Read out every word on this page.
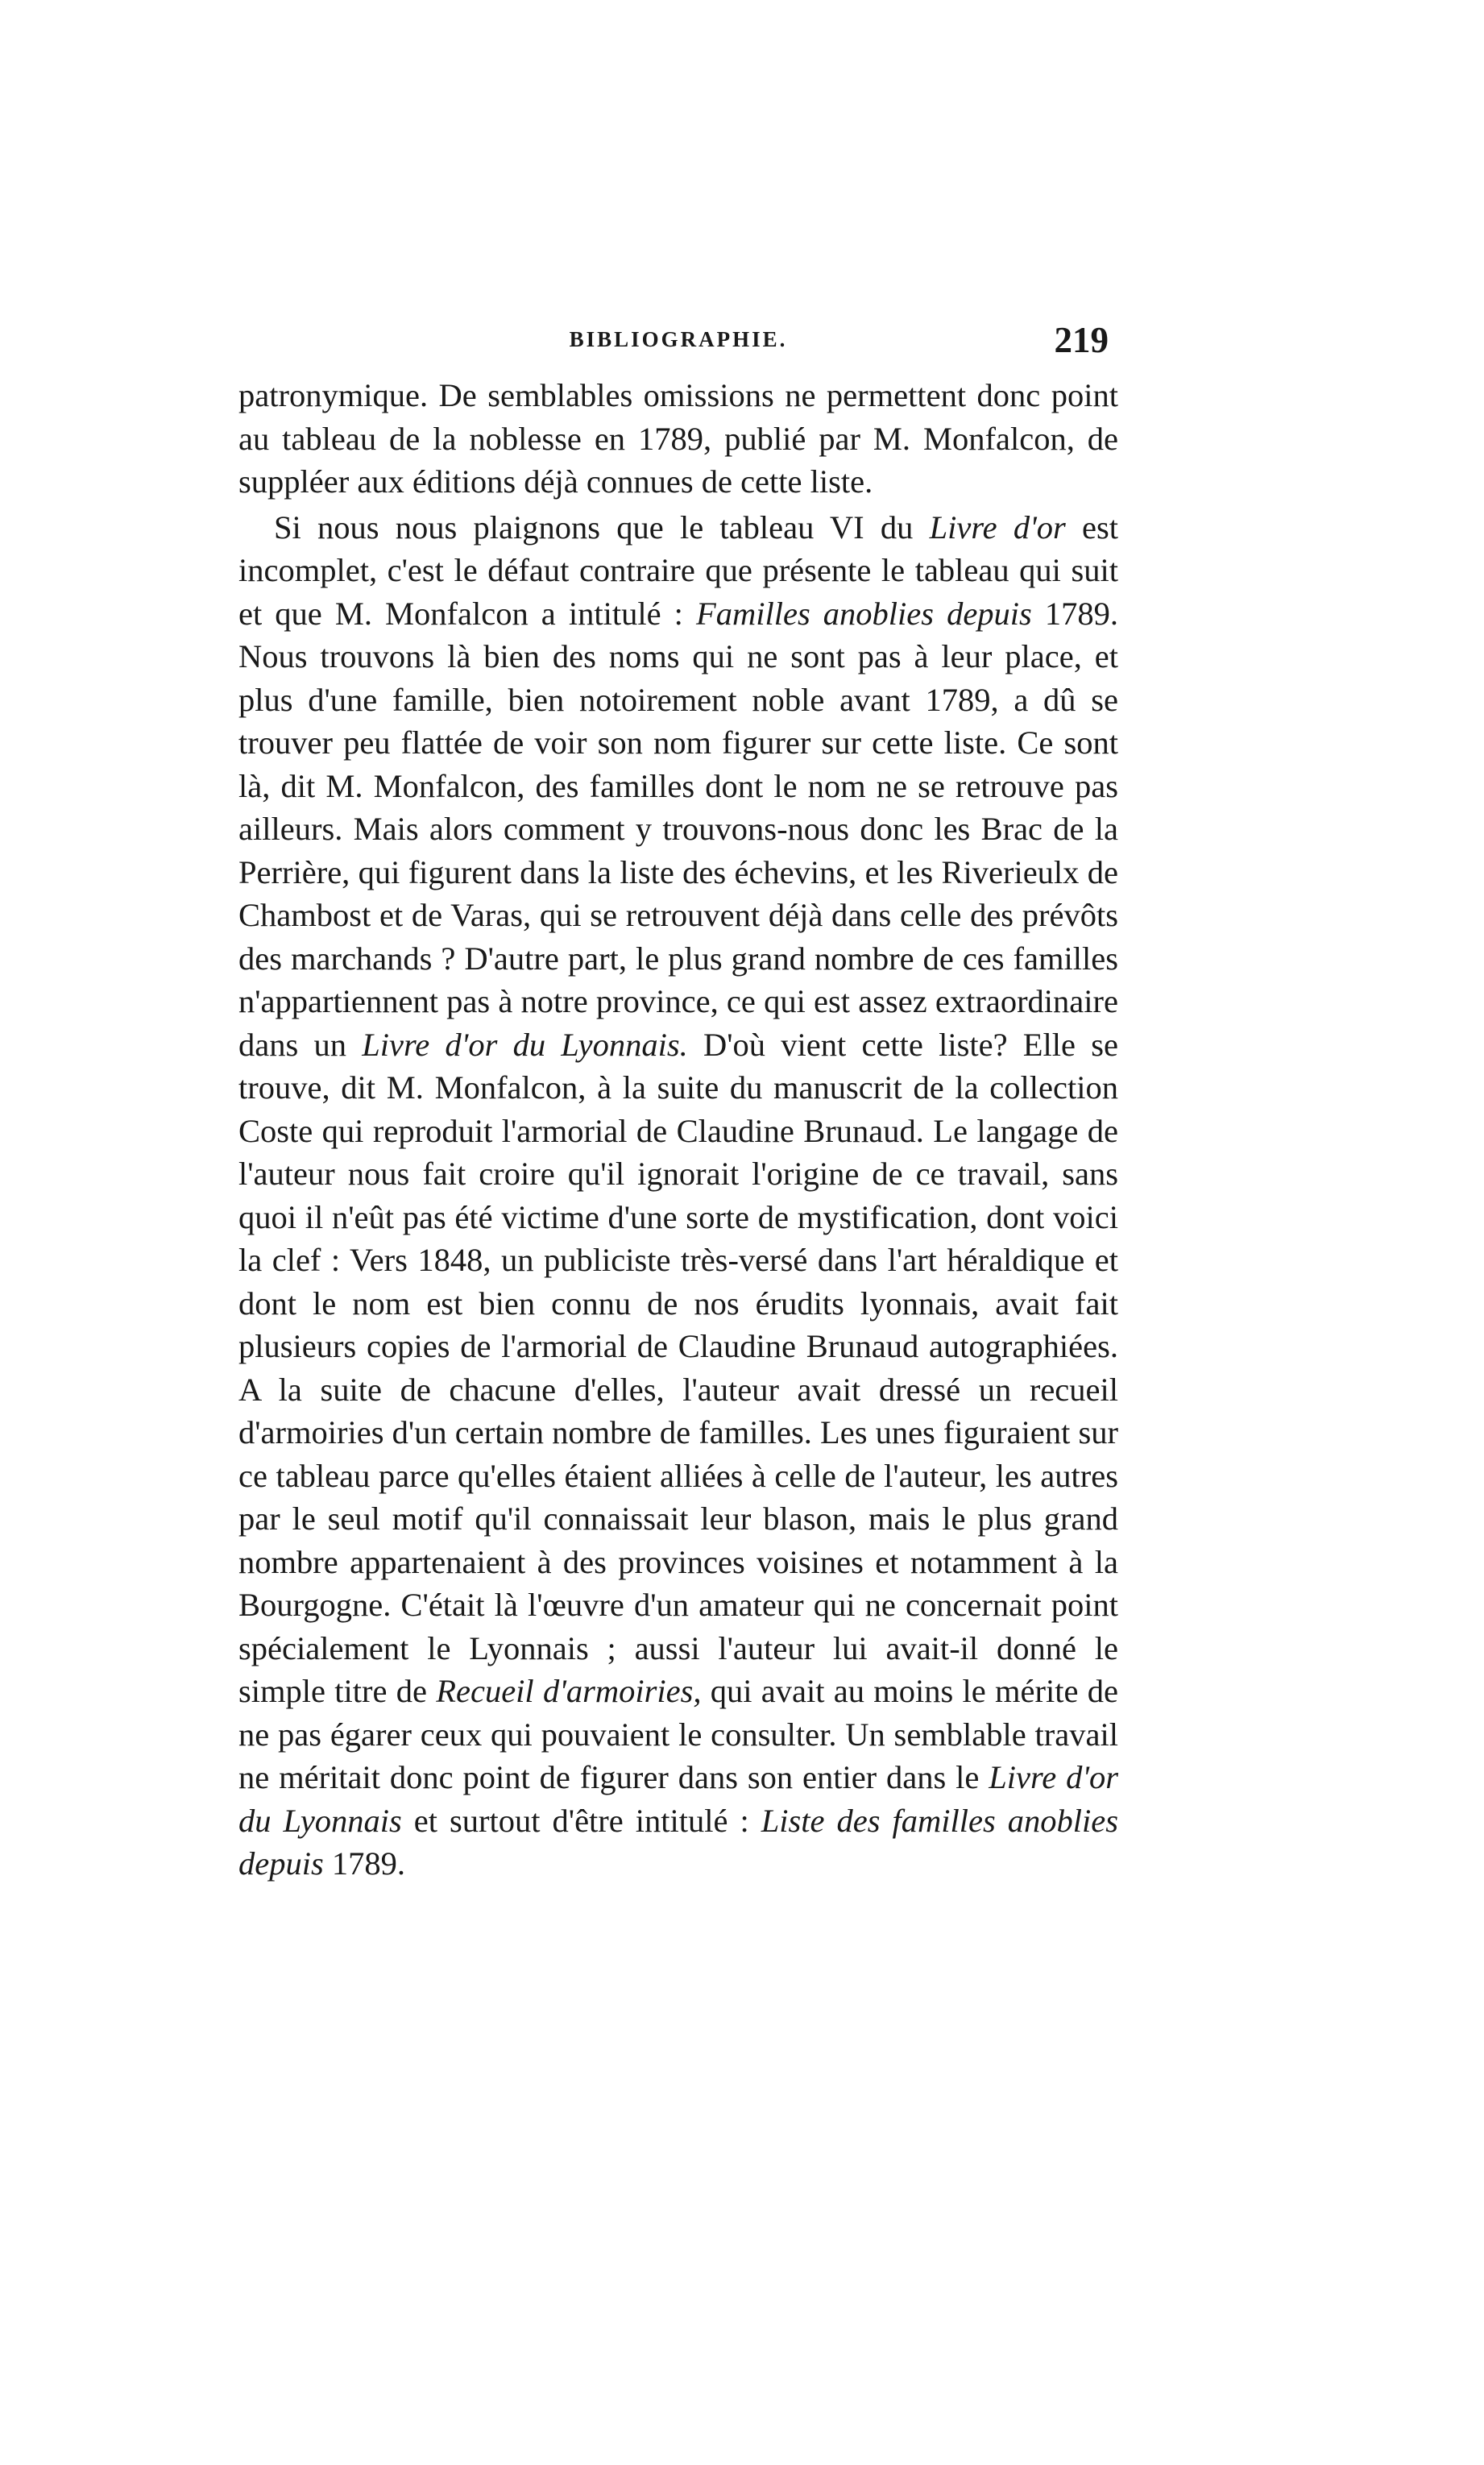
BIBLIOGRAPHIE.	219

patronymique. De semblables omissions ne permettent donc point au tableau de la noblesse en 1789, publié par M. Monfalcon, de suppléer aux éditions déjà connues de cette liste.

Si nous nous plaignons que le tableau VI du Livre d'or est incomplet, c'est le défaut contraire que présente le tableau qui suit et que M. Monfalcon a intitulé : Familles anoblies depuis 1789. Nous trouvons là bien des noms qui ne sont pas à leur place, et plus d'une famille, bien notoirement noble avant 1789, a dû se trouver peu flattée de voir son nom figurer sur cette liste. Ce sont là, dit M. Monfalcon, des familles dont le nom ne se retrouve pas ailleurs. Mais alors comment y trouvons-nous donc les Brac de la Perrière, qui figurent dans la liste des échevins, et les Riverieulx de Chambost et de Varas, qui se retrouvent déjà dans celle des prévôts des marchands ? D'autre part, le plus grand nombre de ces familles n'appartiennent pas à notre province, ce qui est assez extraordinaire dans un Livre d'or du Lyonnais. D'où vient cette liste? Elle se trouve, dit M. Monfalcon, à la suite du manuscrit de la collection Coste qui reproduit l'armorial de Claudine Brunaud. Le langage de l'auteur nous fait croire qu'il ignorait l'origine de ce travail, sans quoi il n'eût pas été victime d'une sorte de mystification, dont voici la clef : Vers 1848, un publiciste très-versé dans l'art héraldique et dont le nom est bien connu de nos érudits lyonnais, avait fait plusieurs copies de l'armorial de Claudine Brunaud autographiées. A la suite de chacune d'elles, l'auteur avait dressé un recueil d'armoiries d'un certain nombre de familles. Les unes figuraient sur ce tableau parce qu'elles étaient alliées à celle de l'auteur, les autres par le seul motif qu'il connaissait leur blason, mais le plus grand nombre appartenaient à des provinces voisines et notamment à la Bourgogne. C'était là l'œuvre d'un amateur qui ne concernait point spécialement le Lyonnais ; aussi l'auteur lui avait-il donné le simple titre de Recueil d'armoiries, qui avait au moins le mérite de ne pas égarer ceux qui pouvaient le consulter. Un semblable travail ne méritait donc point de figurer dans son entier dans le Livre d'or du Lyonnais et surtout d'être intitulé : Liste des familles anoblies depuis 1789.
